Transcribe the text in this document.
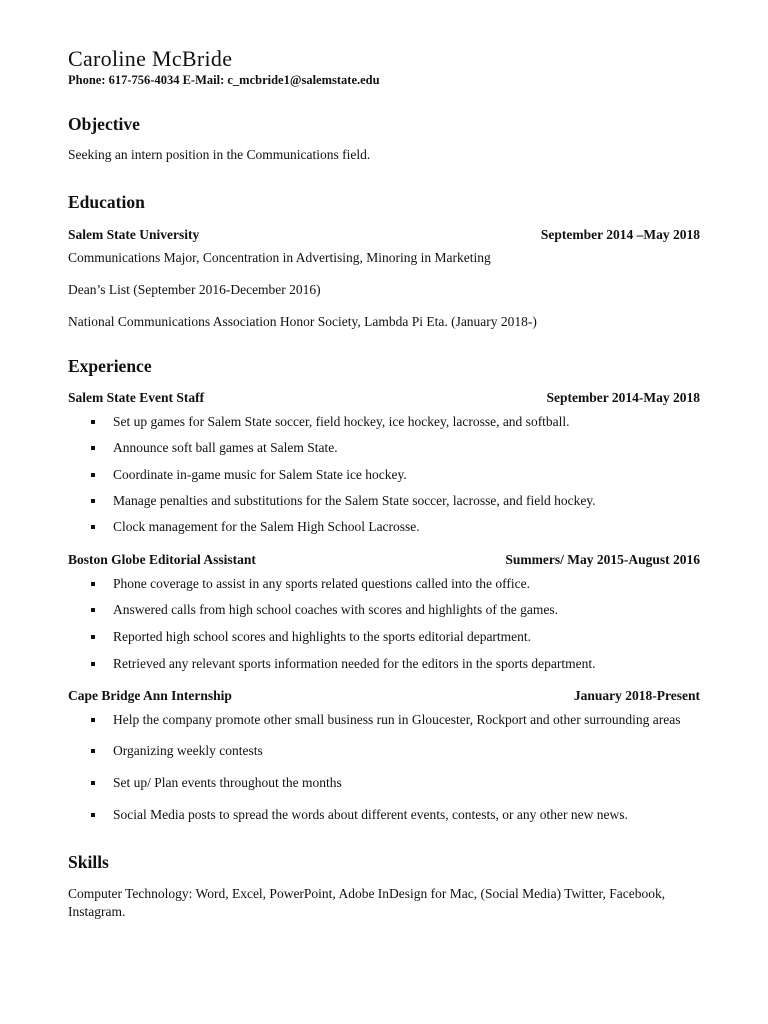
Caroline McBride
Phone: 617-756-4034 E-Mail: c_mcbride1@salemstate.edu
Objective
Seeking an intern position in the Communications field.
Education
Salem State University	September 2014 –May 2018
Communications Major, Concentration in Advertising, Minoring in Marketing
Dean’s List (September 2016-December 2016)
National Communications Association Honor Society, Lambda Pi Eta. (January 2018-)
Experience
Salem State Event Staff	September 2014-May 2018
Set up games for Salem State soccer, field hockey, ice hockey, lacrosse, and softball.
Announce soft ball games at Salem State.
Coordinate in-game music for Salem State ice hockey.
Manage penalties and substitutions for the Salem State soccer, lacrosse, and field hockey.
Clock management for the Salem High School Lacrosse.
Boston Globe Editorial Assistant	Summers/ May 2015-August 2016
Phone coverage to assist in any sports related questions called into the office.
Answered calls from high school coaches with scores and highlights of the games.
Reported high school scores and highlights to the sports editorial department.
Retrieved any relevant sports information needed for the editors in the sports department.
Cape Bridge Ann Internship	January 2018-Present
Help the company promote other small business run in Gloucester, Rockport and other surrounding areas
Organizing weekly contests
Set up/ Plan events throughout the months
Social Media posts to spread the words about different events, contests, or any other new news.
Skills
Computer Technology: Word, Excel, PowerPoint, Adobe InDesign for Mac, (Social Media) Twitter, Facebook, Instagram.
